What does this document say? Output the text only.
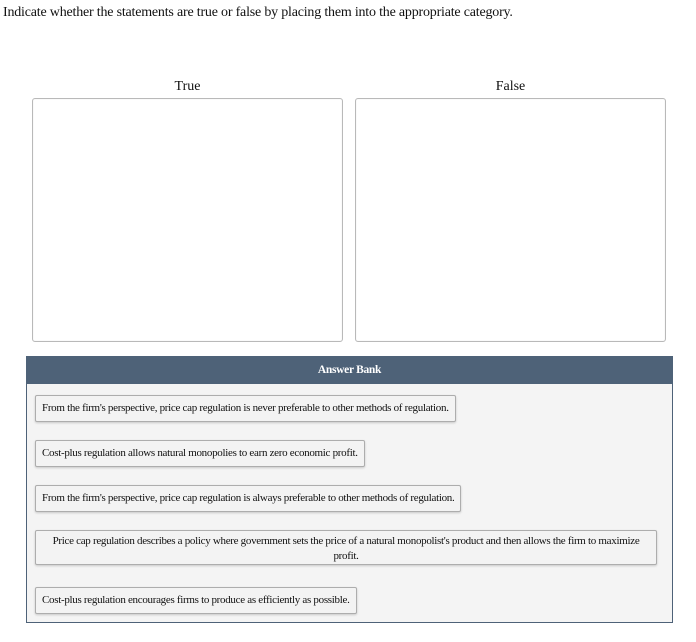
Indicate whether the statements are true or false by placing them into the appropriate category.
True	False
Answer Bank
From the firm's perspective, price cap regulation is never preferable to other methods of regulation.
Cost-plus regulation allows natural monopolies to earn zero economic profit.
From the firm's perspective, price cap regulation is always preferable to other methods of regulation.
Price cap regulation describes a policy where government sets the price of a natural monopolist's product and then allows the firm to maximize profit.
Cost-plus regulation encourages firms to produce as efficiently as possible.
